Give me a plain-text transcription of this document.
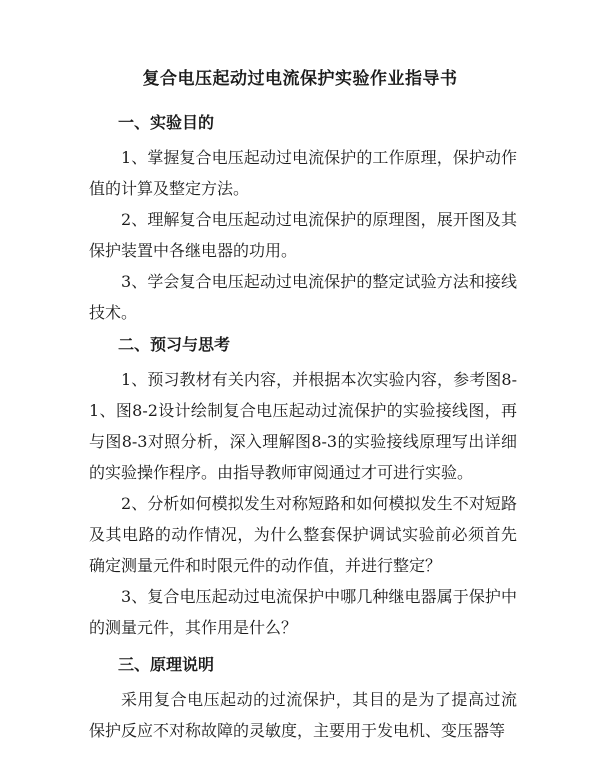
复合电压起动过电流保护实验作业指导书
一、实验目的
1、掌握复合电压起动过电流保护的工作原理，保护动作值的计算及整定方法。
2、理解复合电压起动过电流保护的原理图，展开图及其保护装置中各继电器的功用。
3、学会复合电压起动过电流保护的整定试验方法和接线技术。
二、预习与思考
1、预习教材有关内容，并根据本次实验内容，参考图8-1、图8-2设计绘制复合电压起动过流保护的实验接线图，再与图8-3对照分析，深入理解图8-3的实验接线原理写出详细的实验操作程序。由指导教师审阅通过才可进行实验。
2、分析如何模拟发生对称短路和如何模拟发生不对短路及其电路的动作情况，为什么整套保护调试实验前必须首先确定测量元件和时限元件的动作值，并进行整定？
3、复合电压起动过电流保护中哪几种继电器属于保护中的测量元件，其作用是什么？
三、原理说明
采用复合电压起动的过流保护，其目的是为了提高过流保护反应不对称故障的灵敏度，主要用于发电机、变压器等
